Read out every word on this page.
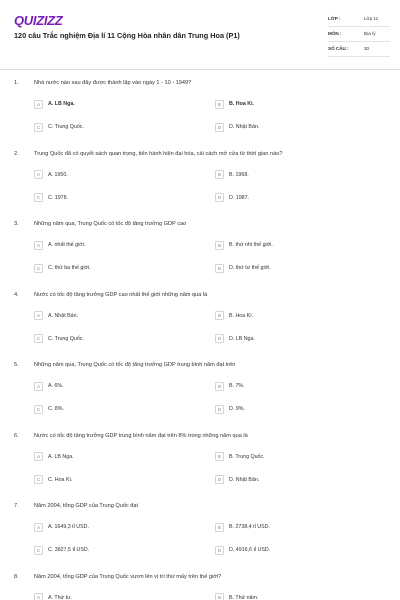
QUIZIZZ
120 câu Trắc nghiệm Địa lí 11 Cộng Hòa nhân dân Trung Hoa (P1)
LỚP :	Lớp 11
MÔN :	Địa lý
SỐ CÂU :	30
1.	Nhà nước nào sau đây được thành lập vào ngày 1 - 10 - 1949?
A	A. LB Nga.	B	B. Hoa Kì.
C	C. Trung Quốc.	D	D. Nhật Bản.
2.	Trung Quốc đã có quyết sách quan trọng, tiến hành hiện đại hóa, cải cách mở cửa từ thời gian nào?
A	A. 1950.	B	B. 1968.
C	C. 1978.	D	D. 1987.
3.	Những năm qua, Trung Quốc có tốc độ tăng trưởng GDP cao
A	A. nhất thế giới.	B	B. thứ nhì thế giới.
C	C. thứ ba thế giới.	D	D. thứ tư thế giới.
4.	Nước có tốc độ tăng trưởng GDP cao nhất thế giới những năm qua là
A	A. Nhật Bản.	B	B. Hoa Kì.
C	C. Trung Quốc.	D	D. LB Nga.
5.	Những năm qua, Trung Quốc có tốc độ tăng trưởng GDP trung bình năm đạt trên
A	A. 6%.	B	B. 7%.
C	C. 8%.	D	D. 9%.
6.	Nước có tốc độ tăng trưởng GDP trung bình năm đạt trên 8% trong những năm qua là
A	A. LB Nga.	B	B. Trung Quốc.
C	C. Hoa Kì.	D	D. Nhật Bản.
7.	Năm 2004, tổng GDP của Trung Quốc đạt
A	A. 1649,3 tỉ USD.	B	B. 2738,4 tỉ USD.
C	C. 3827,5 tỉ USD.	D	D. 4916,6 tỉ USD.
8.	Năm 2004, tổng GDP của Trung Quốc vươn lên vị trí thứ mấy trên thế giới?
A	A. Thứ tư.	B	B. Thứ năm.
